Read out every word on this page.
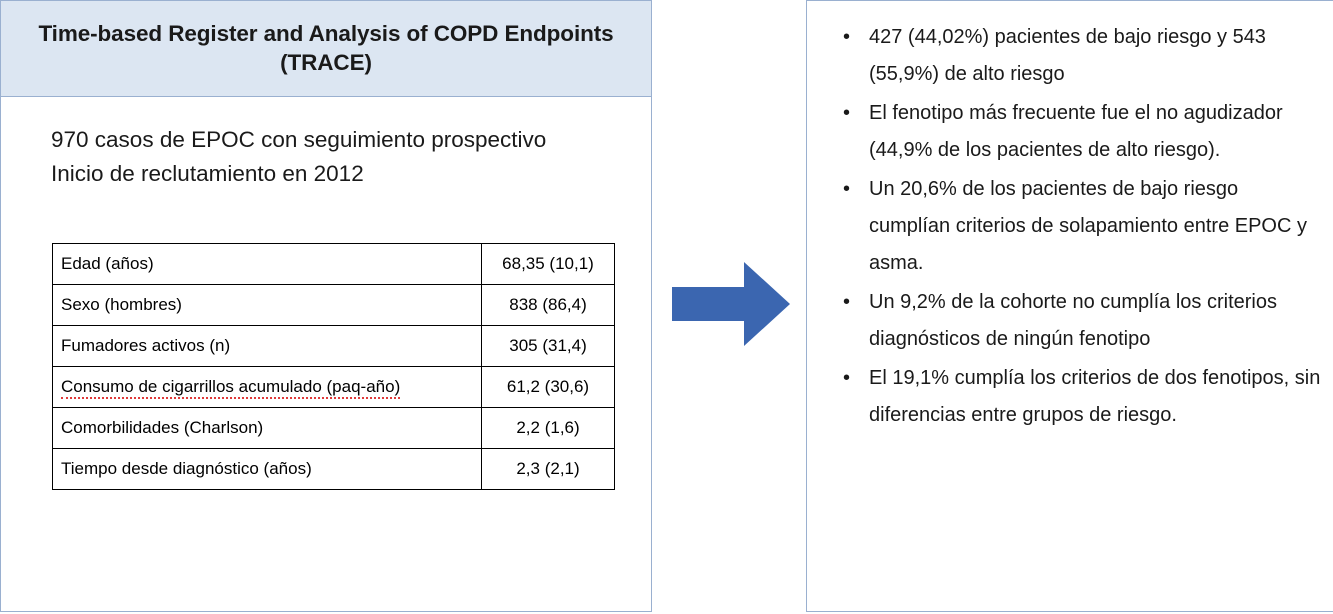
Time-based Register and Analysis of COPD Endpoints (TRACE)
970 casos de EPOC con seguimiento prospectivo
Inicio de reclutamiento en 2012
Edad (años)	68,35 (10,1)
Sexo (hombres)	838 (86,4)
Fumadores activos (n)	305 (31,4)
Consumo de cigarrillos acumulado (paq-año)	61,2 (30,6)
Comorbilidades (Charlson)	2,2 (1,6)
Tiempo desde diagnóstico (años)	2,3 (2,1)
• 427 (44,02%) pacientes de bajo riesgo y 543 (55,9%) de alto riesgo
• El fenotipo más frecuente fue el no agudizador (44,9% de los pacientes de alto riesgo).
• Un 20,6% de los pacientes de bajo riesgo cumplían criterios de solapamiento entre EPOC y asma.
• Un 9,2% de la cohorte no cumplía los criterios diagnósticos de ningún fenotipo
• El 19,1% cumplía los criterios de dos fenotipos, sin diferencias entre grupos de riesgo.
